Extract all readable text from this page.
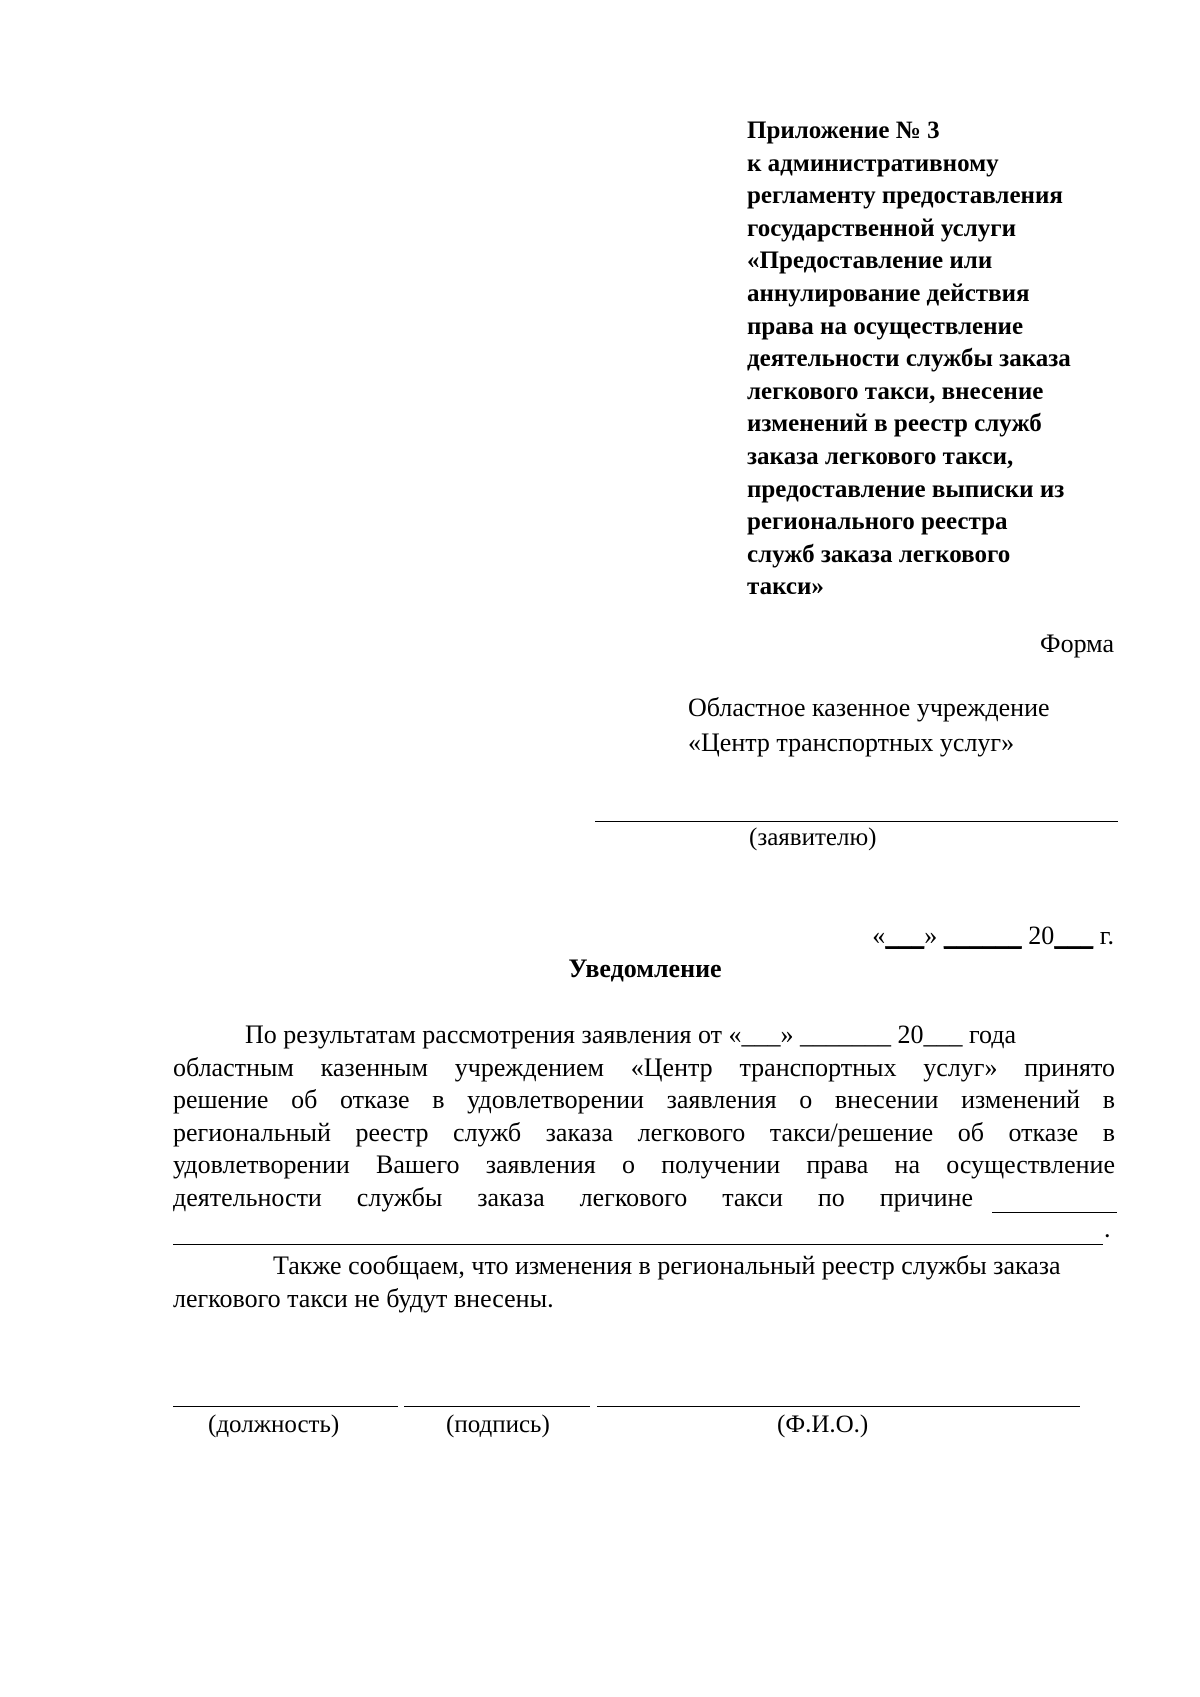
Приложение № 3
к административному
регламенту предоставления
государственной услуги
«Предоставление или
аннулирование действия
права на осуществление
деятельности службы заказа
легкового такси, внесение
изменений в реестр служб
заказа легкового такси,
предоставление выписки из
регионального реестра
служб заказа легкового
такси»
Форма
Областное казенное учреждение
«Центр транспортных услуг»
(заявителю)
«___» ______ 20___ г.
Уведомление
По результатам рассмотрения заявления от «___» _______ 20___ года
областным казенным учреждением «Центр транспортных услуг» принято
решение об отказе в удовлетворении заявления о внесении изменений в
региональный реестр служб заказа легкового такси/решение об отказе в
удовлетворении Вашего заявления о получении права на осуществление
деятельности службы заказа легкового такси по причине
.
Также сообщаем, что изменения в региональный реестр службы заказа
легкового такси не будут внесены.
(должность)	(подпись)	(Ф.И.О.)
